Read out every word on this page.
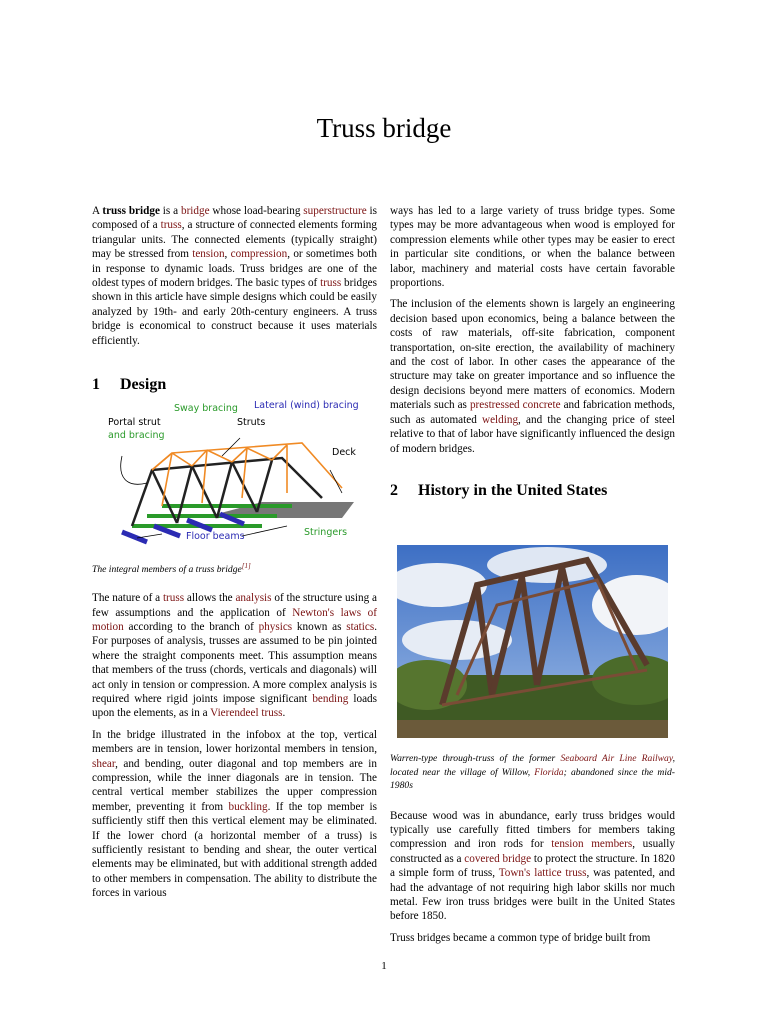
Truss bridge

A truss bridge is a bridge whose load-bearing superstructure is composed of a truss, a structure of connected elements forming triangular units. The connected elements (typically straight) may be stressed from tension, compression, or sometimes both in response to dynamic loads. Truss bridges are one of the oldest types of modern bridges. The basic types of truss bridges shown in this article have simple designs which could be easily analyzed by 19th- and early 20th-century engineers. A truss bridge is economical to construct because it uses materials efficiently.

1 Design
Sway bracing Lateral (wind) bracing
Portal strut
and bracing
Struts
Deck
Floor beams	Stringers
The integral members of a truss bridge[1]

The nature of a truss allows the analysis of the structure using a few assumptions and the application of Newton's laws of motion according to the branch of physics known as statics. For purposes of analysis, trusses are assumed to be pin jointed where the straight components meet. This assumption means that members of the truss (chords, verticals and diagonals) will act only in tension or compression. A more complex analysis is required where rigid joints impose significant bending loads upon the elements, as in a Vierendeel truss.

In the bridge illustrated in the infobox at the top, vertical members are in tension, lower horizontal members in tension, shear, and bending, outer diagonal and top members are in compression, while the inner diagonals are in tension. The central vertical member stabilizes the upper compression member, preventing it from buckling. If the top member is sufficiently stiff then this vertical element may be eliminated. If the lower chord (a horizontal member of a truss) is sufficiently resistant to bending and shear, the outer vertical elements may be eliminated, but with additional strength added to other members in compensation. The ability to distribute the forces in various

ways has led to a large variety of truss bridge types. Some types may be more advantageous when wood is employed for compression elements while other types may be easier to erect in particular site conditions, or when the balance between labor, machinery and material costs have certain favorable proportions.

The inclusion of the elements shown is largely an engineering decision based upon economics, being a balance between the costs of raw materials, off-site fabrication, component transportation, on-site erection, the availability of machinery and the cost of labor. In other cases the appearance of the structure may take on greater importance and so influence the design decisions beyond mere matters of economics. Modern materials such as prestressed concrete and fabrication methods, such as automated welding, and the changing price of steel relative to that of labor have significantly influenced the design of modern bridges.

2 History in the United States
Warren-type through-truss of the former Seaboard Air Line Railway, located near the village of Willow, Florida; abandoned since the mid-1980s

Because wood was in abundance, early truss bridges would typically use carefully fitted timbers for members taking compression and iron rods for tension members, usually constructed as a covered bridge to protect the structure. In 1820 a simple form of truss, Town's lattice truss, was patented, and had the advantage of not requiring high labor skills nor much metal. Few iron truss bridges were built in the United States before 1850.

Truss bridges became a common type of bridge built from

1
